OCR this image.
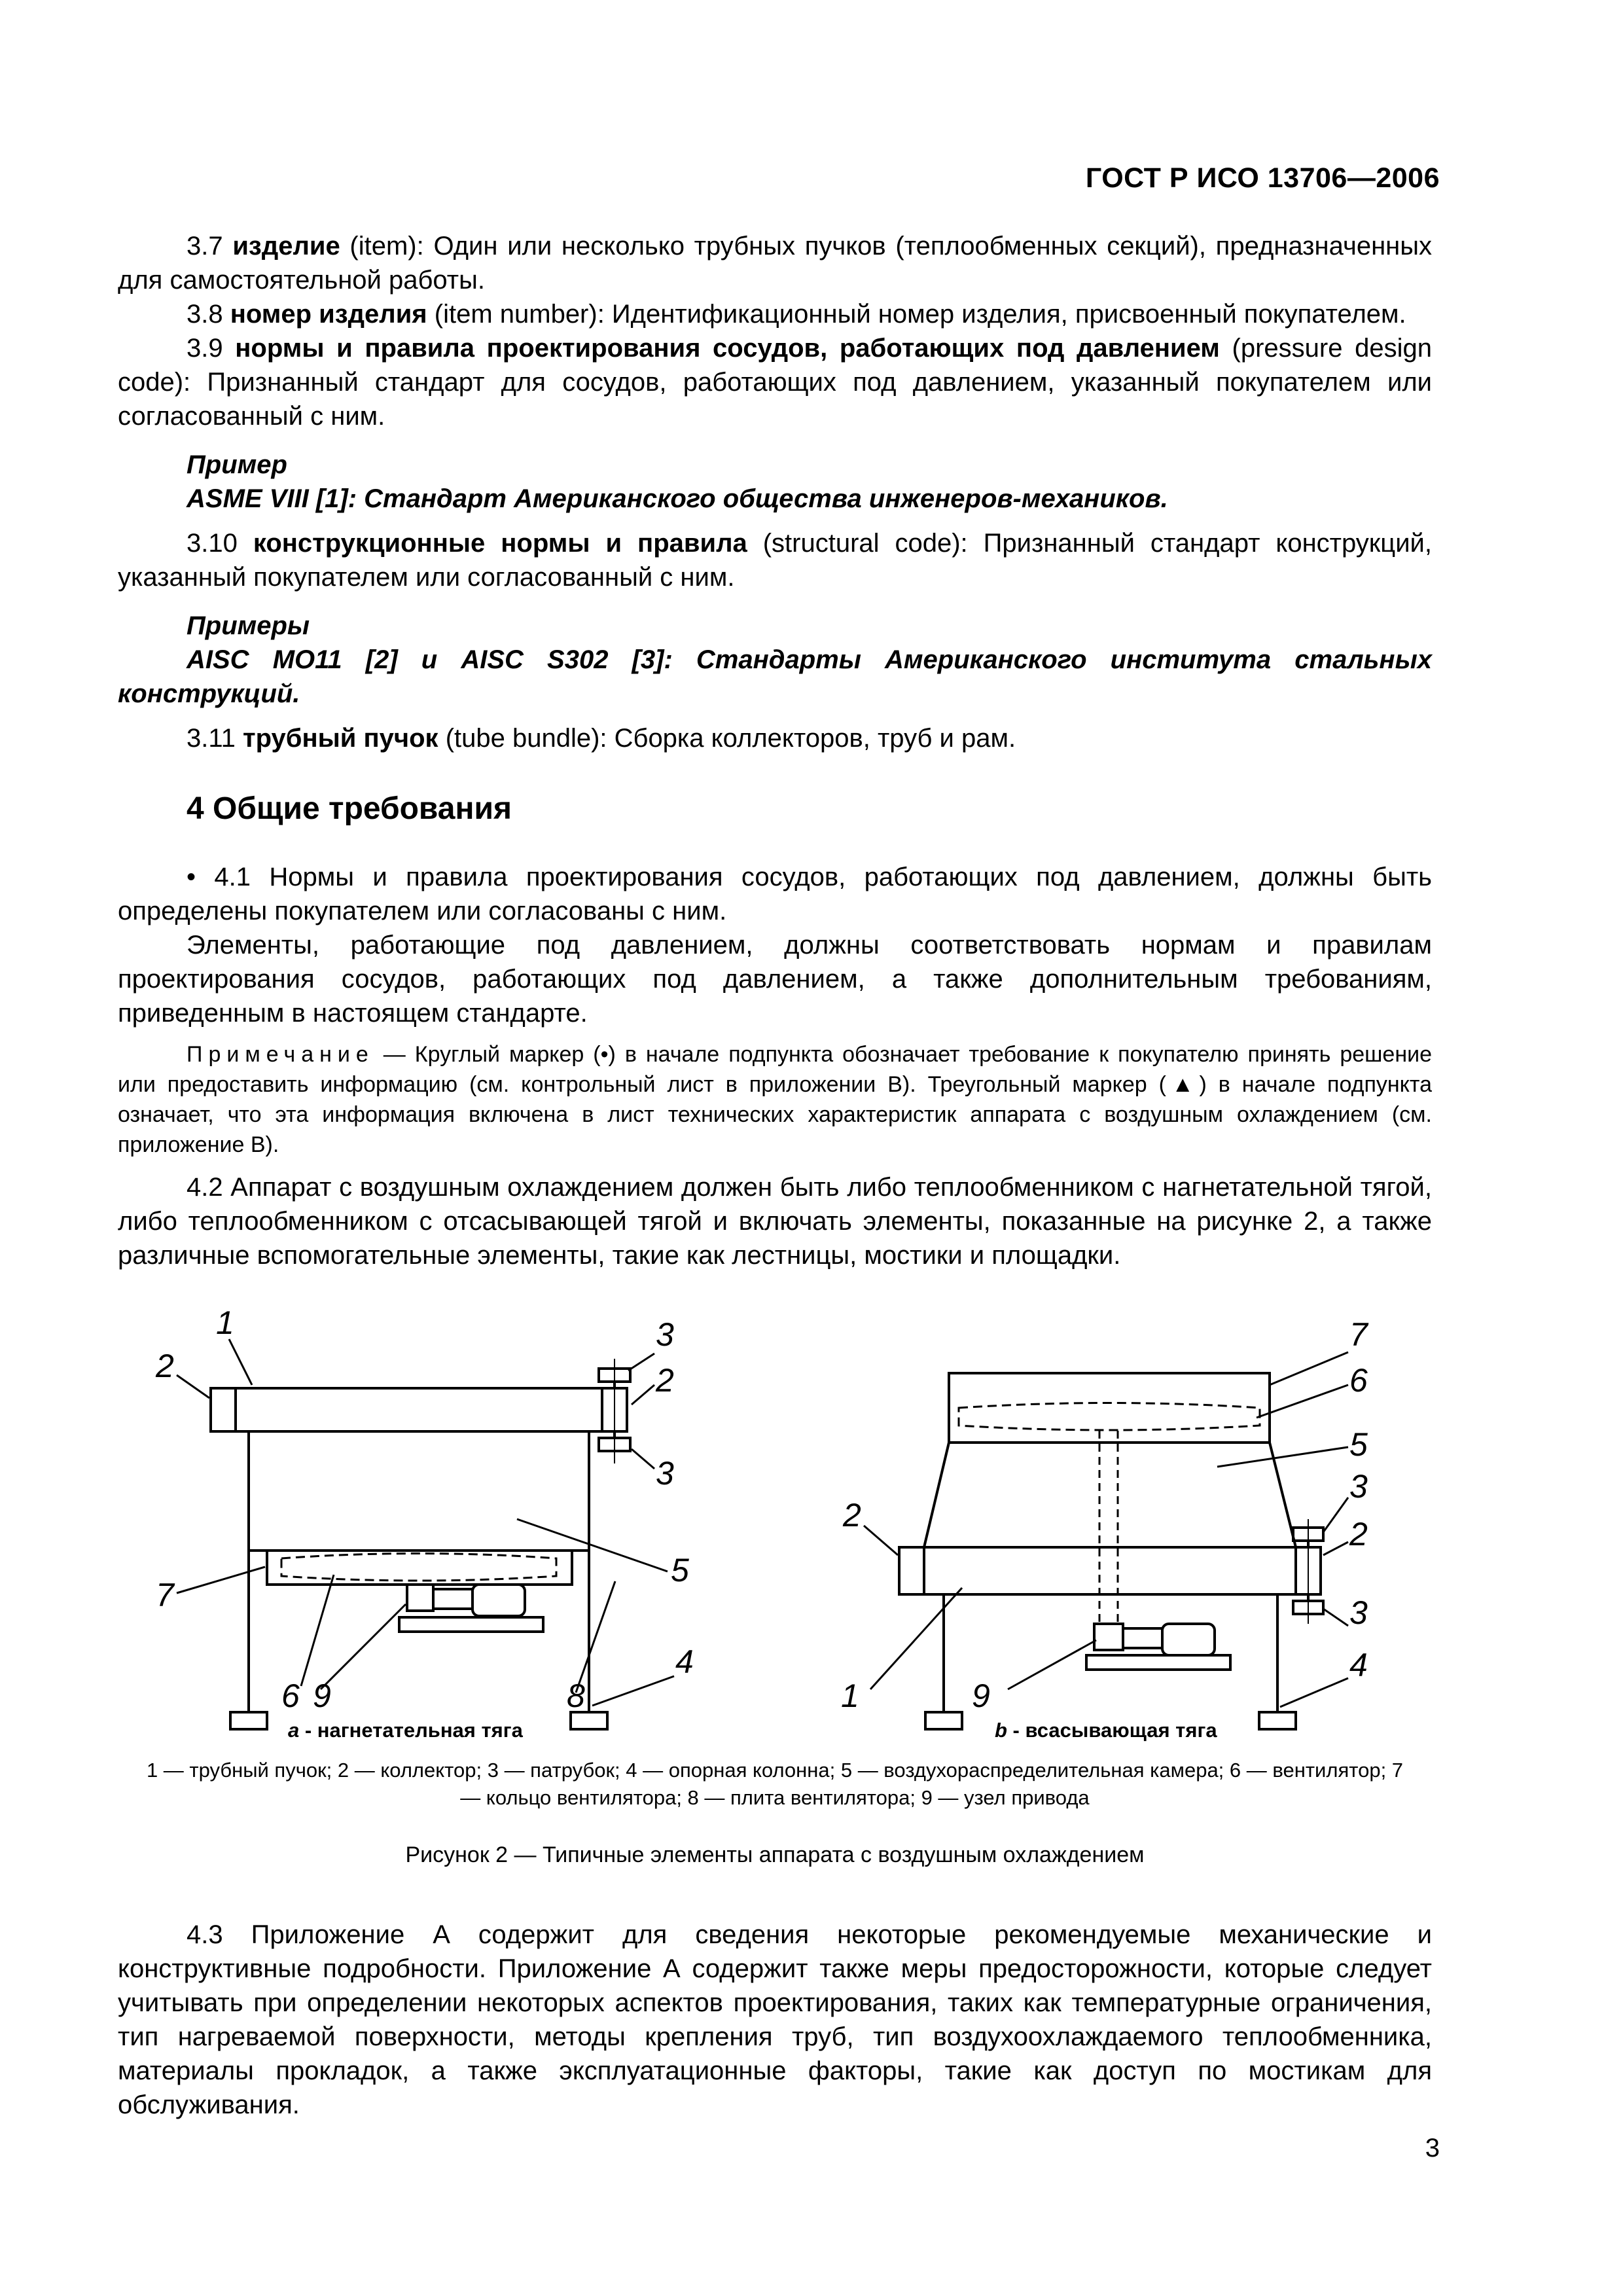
ГОСТ Р ИСО 13706—2006

3.7 изделие (item): Один или несколько трубных пучков (теплообменных секций), предназначенных для самостоятельной работы.

3.8 номер изделия (item number): Идентификационный номер изделия, присвоенный покупателем.

3.9 нормы и правила проектирования сосудов, работающих под давлением (pressure design code): Признанный стандарт для сосудов, работающих под давлением, указанный покупателем или согласованный с ним.

Пример

ASME VIII [1]: Стандарт Американского общества инженеров-механиков.

3.10 конструкционные нормы и правила (structural code): Признанный стандарт конструкций, указанный покупателем или согласованный с ним.

Примеры

AISC MO11 [2] и AISC S302 [3]: Стандарты Американского института стальных конструкций.

3.11 трубный пучок (tube bundle): Сборка коллекторов, труб и рам.

4 Общие требования

• 4.1 Нормы и правила проектирования сосудов, работающих под давлением, должны быть определены покупателем или согласованы с ним.

Элементы, работающие под давлением, должны соответствовать нормам и правилам проектирования сосудов, работающих под давлением, а также дополнительным требованиям, приведенным в настоящем стандарте.

Примечание — Круглый маркер (•) в начале подпункта обозначает требование к покупателю принять решение или предоставить информацию (см. контрольный лист в приложении В). Треугольный маркер (▲) в начале подпункта означает, что эта информация включена в лист технических характеристик аппарата с воздушным охлаждением (см. приложение В).

4.2 Аппарат с воздушным охлаждением должен быть либо теплообменником с нагнетательной тягой, либо теплообменником с отсасывающей тягой и включать элементы, показанные на рисунке 2, а также различные вспомогательные элементы, такие как лестницы, мостики и площадки.

1
2
3
2
3
5
7
4
6 9	8
7
6
5
3
2
2
3
4
1	9
a - нагнетательная тяга	b - всасывающая тяга
1 — трубный пучок; 2 — коллектор; 3 — патрубок; 4 — опорная колонна; 5 — воздухораспределительная камера; 6 — вентилятор; 7 — кольцо вентилятора; 8 — плита вентилятора; 9 — узел привода
Рисунок 2 — Типичные элементы аппарата с воздушным охлаждением

4.3 Приложение А содержит для сведения некоторые рекомендуемые механические и конструктивные подробности. Приложение А содержит также меры предосторожности, которые следует учитывать при определении некоторых аспектов проектирования, таких как температурные ограничения, тип нагреваемой поверхности, методы крепления труб, тип воздухоохлаждаемого теплообменника, материалы прокладок, а также эксплуатационные факторы, такие как доступ по мостикам для обслуживания.

3
